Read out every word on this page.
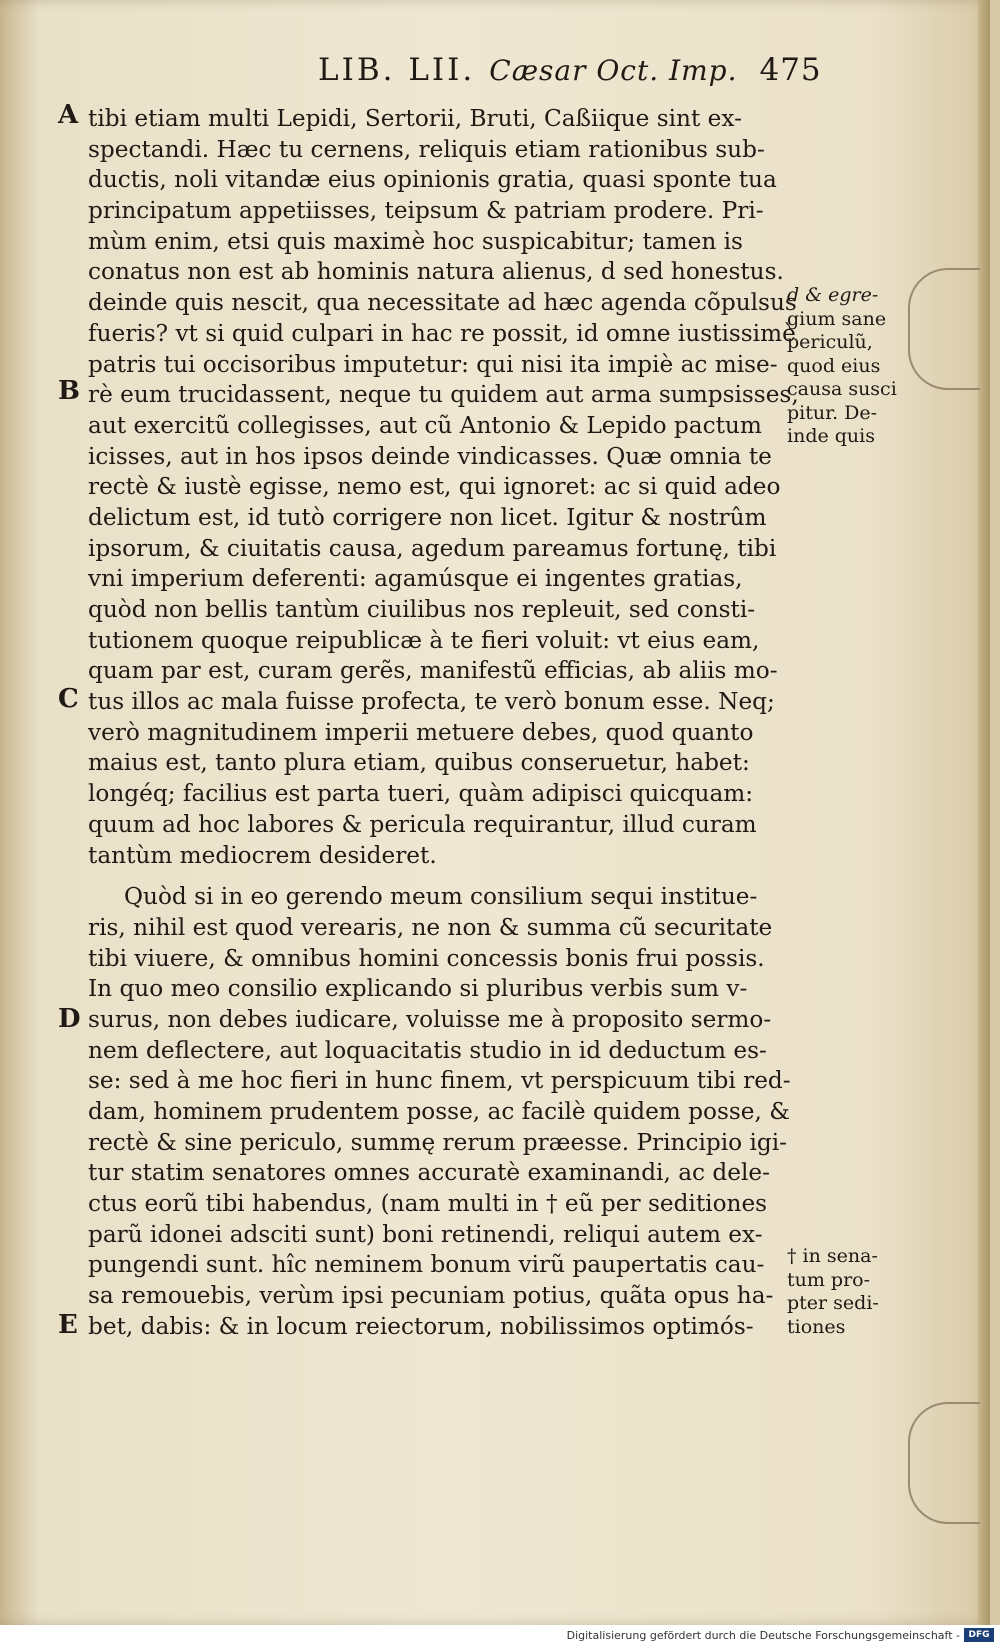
LIB. LII. Cæsar Oct. Imp. 475
A
B
C
D
E
tibi etiam multi Lepidi, Sertorii, Bruti, Caßiique sint ex-
spectandi. Hæc tu cernens, reliquis etiam rationibus sub-
ductis, noli vitandæ eius opinionis gratia, quasi sponte tua
principatum appetiisses, teipsum & patriam prodere. Pri-
mùm enim, etsi quis maximè hoc suspicabitur; tamen is
conatus non est ab hominis natura alienus, d sed honestus.
deinde quis nescit, qua necessitate ad hæc agenda cõpulsus
fueris? vt si quid culpari in hac re possit, id omne iustissimè
patris tui occisoribus imputetur: qui nisi ita impiè ac mise-
rè eum trucidassent, neque tu quidem aut arma sumpsisses,
aut exercitũ collegisses, aut cũ Antonio & Lepido pactum
icisses, aut in hos ipsos deinde vindicasses. Quæ omnia te
rectè & iustè egisse, nemo est, qui ignoret: ac si quid adeo
delictum est, id tutò corrigere non licet. Igitur & nostrûm
ipsorum, & ciuitatis causa, agedum pareamus fortunę, tibi
vni imperium deferenti: agamúsque ei ingentes gratias,
quòd non bellis tantùm ciuilibus nos repleuit, sed consti-
tutionem quoque reipublicæ à te fieri voluit: vt eius eam,
quam par est, curam gerẽs, manifestũ efficias, ab aliis mo-
tus illos ac mala fuisse profecta, te verò bonum esse. Neq;
verò magnitudinem imperii metuere debes, quod quanto
maius est, tanto plura etiam, quibus conseruetur, habet:
longéq; facilius est parta tueri, quàm adipisci quicquam:
quum ad hoc labores & pericula requirantur, illud curam
tantùm mediocrem desideret.
Quòd si in eo gerendo meum consilium sequi institue-
ris, nihil est quod verearis, ne non & summa cũ securitate
tibi viuere, & omnibus homini concessis bonis frui possis.
In quo meo consilio explicando si pluribus verbis sum v-
surus, non debes iudicare, voluisse me à proposito sermo-
nem deflectere, aut loquacitatis studio in id deductum es-
se: sed à me hoc fieri in hunc finem, vt perspicuum tibi red-
dam, hominem prudentem posse, ac facilè quidem posse, &
rectè & sine periculo, summę rerum præesse. Principio igi-
tur statim senatores omnes accuratè examinandi, ac dele-
ctus eorũ tibi habendus, (nam multi in † eũ per seditiones
parũ idonei adsciti sunt) boni retinendi, reliqui autem ex-
pungendi sunt. hîc neminem bonum virũ paupertatis cau-
sa remouebis, verùm ipsi pecuniam potius, quãta opus ha-
bet, dabis: & in locum reiectorum, nobilissimos optimós-
d & egre-
gium sane
periculũ,
quod eius
causa susci
pitur. De-
inde quis
† in sena-
tum pro-
pter sedi-
tiones
Digitalisierung gefördert durch die Deutsche Forschungsgemeinschaft - DFG
